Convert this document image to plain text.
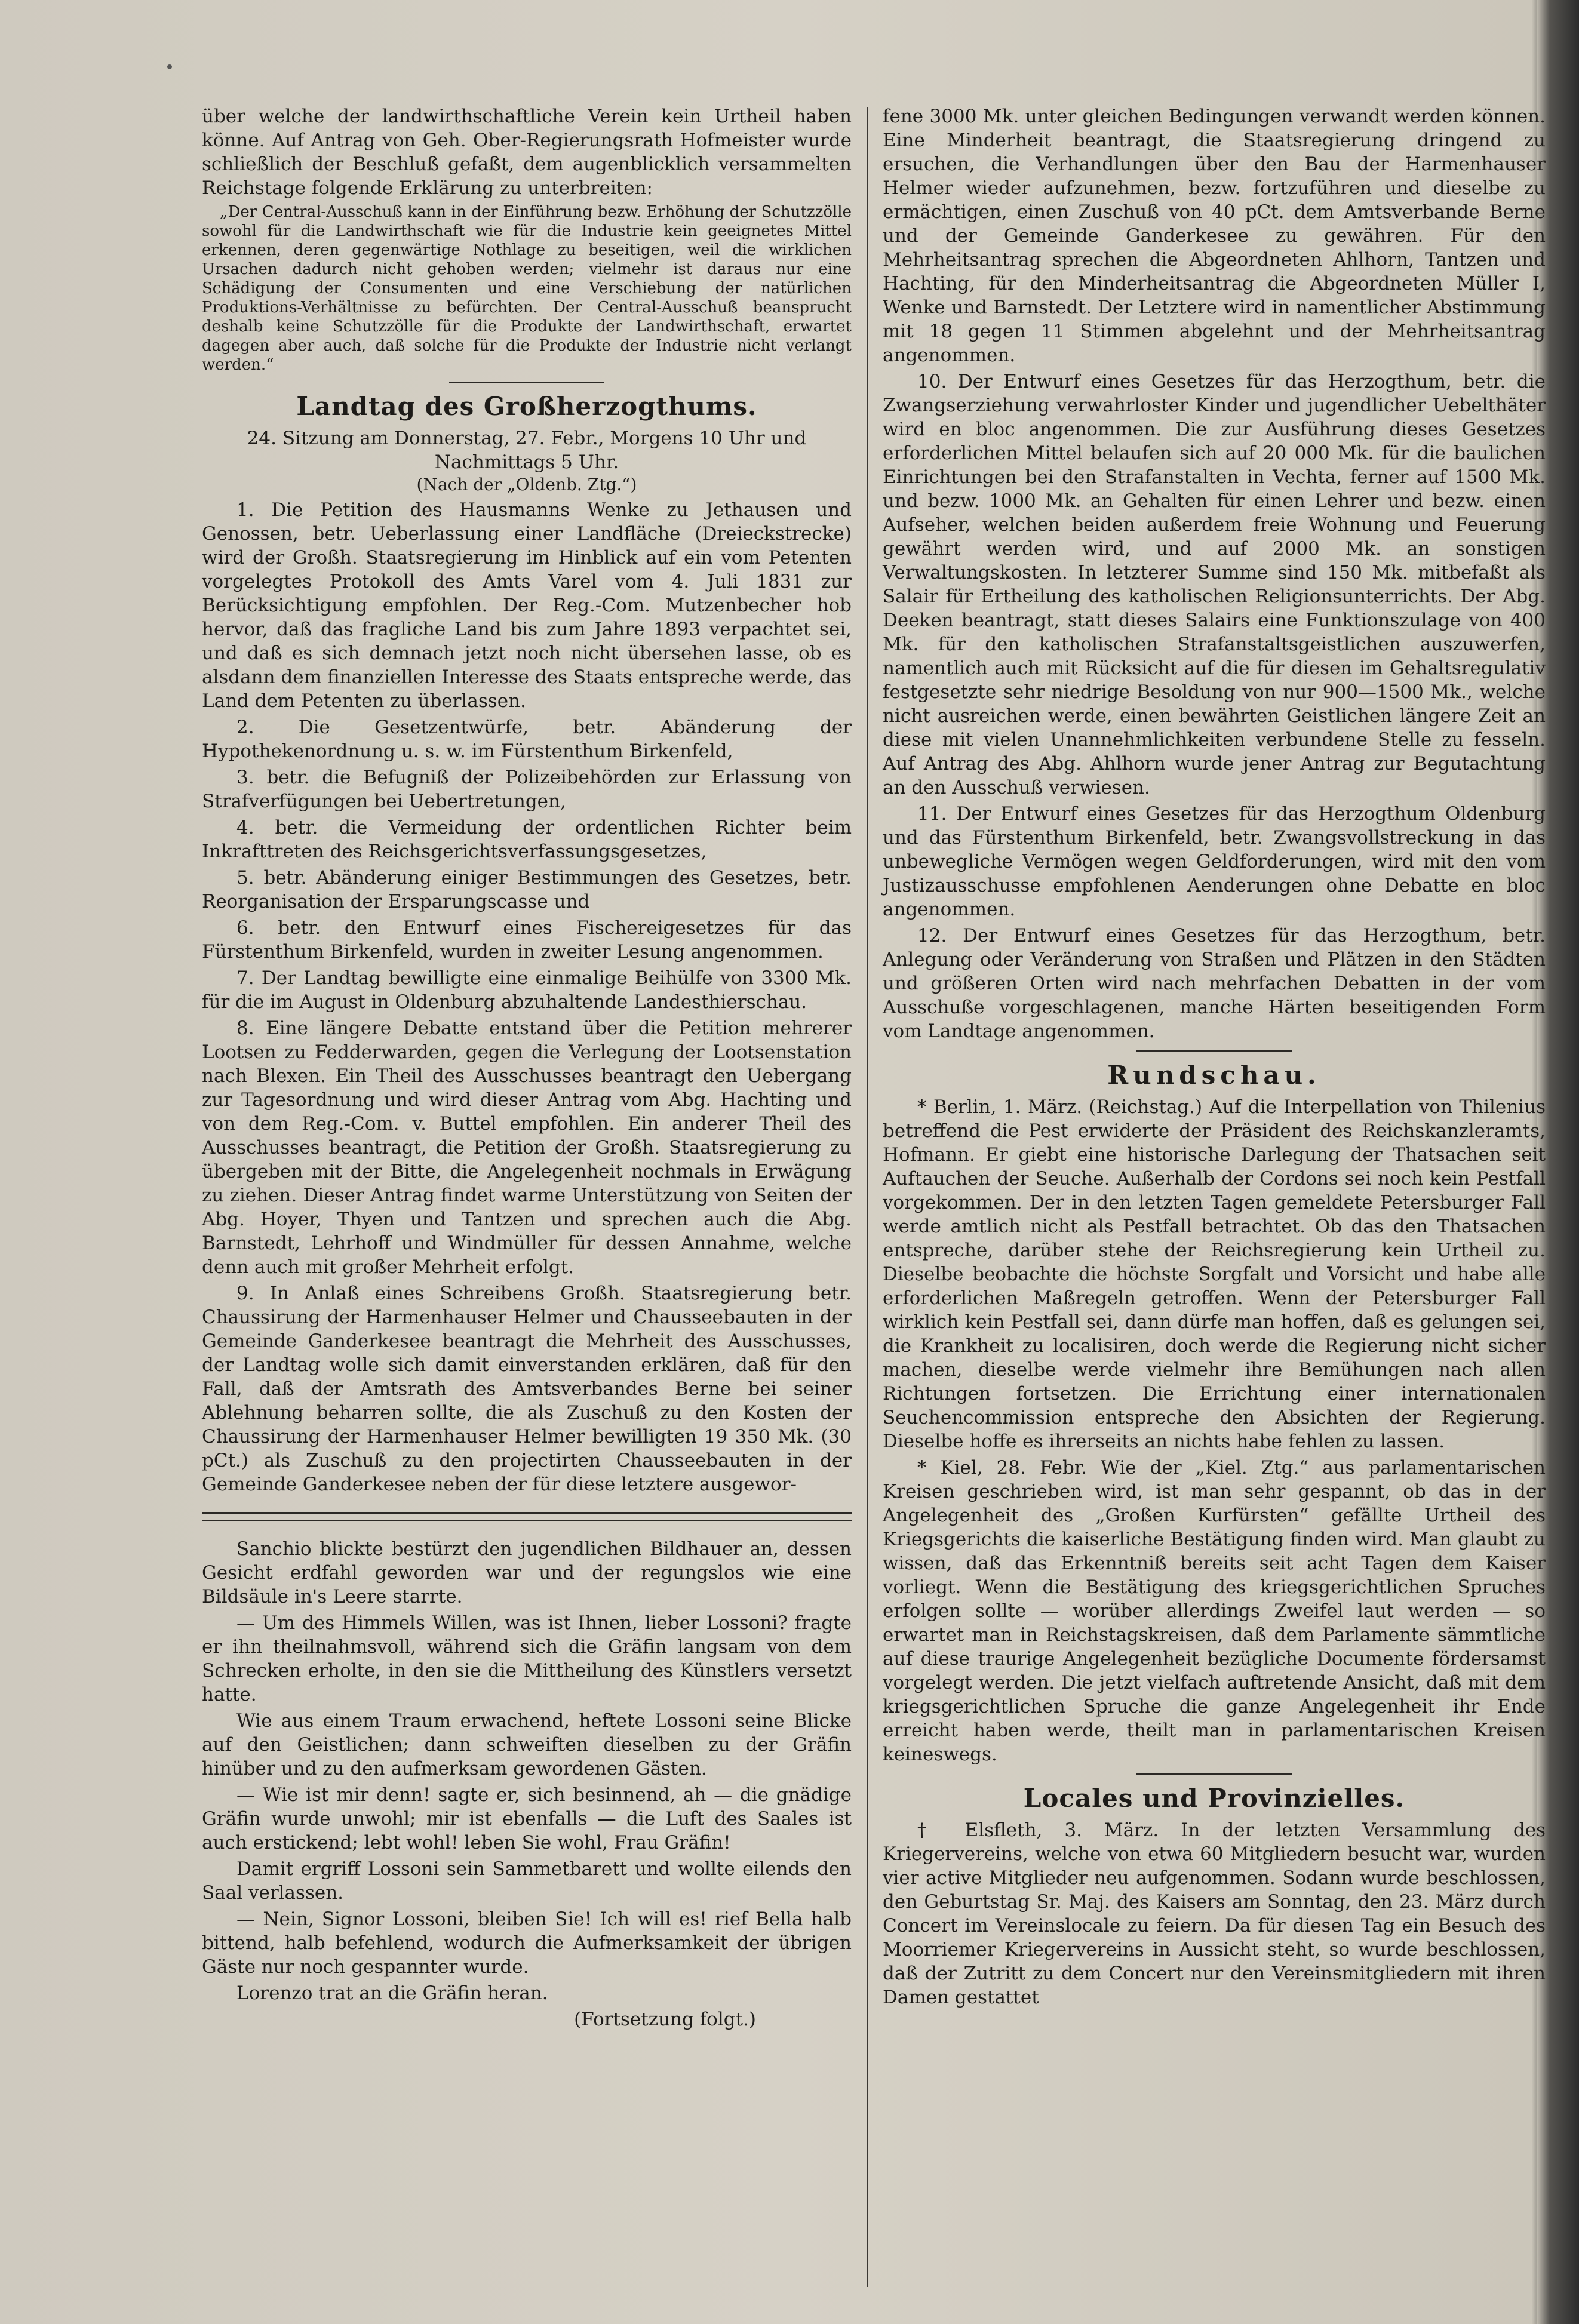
über welche der landwirthschaftliche Verein kein Urtheil haben könne. Auf Antrag von Geh. Ober-Regierungsrath Hofmeister wurde schließlich der Beschluß gefaßt, dem augenblicklich versammelten Reichstage folgende Erklärung zu unterbreiten:

„Der Central-Ausschuß kann in der Einführung bezw. Erhöhung der Schutzzölle sowohl für die Landwirthschaft wie für die Industrie kein geeignetes Mittel erkennen, deren gegenwärtige Nothlage zu beseitigen, weil die wirklichen Ursachen dadurch nicht gehoben werden; vielmehr ist daraus nur eine Schädigung der Consumenten und eine Verschiebung der natürlichen Produktions-Verhältnisse zu befürchten. Der Central-Ausschuß beansprucht deshalb keine Schutzzölle für die Produkte der Landwirthschaft, erwartet dagegen aber auch, daß solche für die Produkte der Industrie nicht verlangt werden.“

Landtag des Großherzogthums.

24. Sitzung am Donnerstag, 27. Febr., Morgens 10 Uhr und

Nachmittags 5 Uhr.

(Nach der „Oldenb. Ztg.“)

1. Die Petition des Hausmanns Wenke zu Jethausen und Genossen, betr. Ueberlassung einer Landfläche (Dreieckstrecke) wird der Großh. Staatsregierung im Hinblick auf ein vom Petenten vorgelegtes Protokoll des Amts Varel vom 4. Juli 1831 zur Berücksichtigung empfohlen. Der Reg.-Com. Mutzenbecher hob hervor, daß das fragliche Land bis zum Jahre 1893 verpachtet sei, und daß es sich demnach jetzt noch nicht übersehen lasse, ob es alsdann dem finanziellen Interesse des Staats entspreche werde, das Land dem Petenten zu überlassen.

2. Die Gesetzentwürfe, betr. Abänderung der Hypothekenordnung u. s. w. im Fürstenthum Birkenfeld,

3. betr. die Befugniß der Polizeibehörden zur Erlassung von Strafverfügungen bei Uebertretungen,

4. betr. die Vermeidung der ordentlichen Richter beim Inkrafttreten des Reichsgerichtsverfassungsgesetzes,

5. betr. Abänderung einiger Bestimmungen des Gesetzes, betr. Reorganisation der Ersparungscasse und

6. betr. den Entwurf eines Fischereigesetzes für das Fürstenthum Birkenfeld, wurden in zweiter Lesung angenommen.

7. Der Landtag bewilligte eine einmalige Beihülfe von 3300 Mk. für die im August in Oldenburg abzuhaltende Landesthierschau.

8. Eine längere Debatte entstand über die Petition mehrerer Lootsen zu Fedderwarden, gegen die Verlegung der Lootsenstation nach Blexen. Ein Theil des Ausschusses beantragt den Uebergang zur Tagesordnung und wird dieser Antrag vom Abg. Hachting und von dem Reg.-Com. v. Buttel empfohlen. Ein anderer Theil des Ausschusses beantragt, die Petition der Großh. Staatsregierung zu übergeben mit der Bitte, die Angelegenheit nochmals in Erwägung zu ziehen. Dieser Antrag findet warme Unterstützung von Seiten der Abg. Hoyer, Thyen und Tantzen und sprechen auch die Abg. Barnstedt, Lehrhoff und Windmüller für dessen Annahme, welche denn auch mit großer Mehrheit erfolgt.

9. In Anlaß eines Schreibens Großh. Staatsregierung betr. Chaussirung der Harmenhauser Helmer und Chausseebauten in der Gemeinde Ganderkesee beantragt die Mehrheit des Ausschusses, der Landtag wolle sich damit einverstanden erklären, daß für den Fall, daß der Amtsrath des Amtsverbandes Berne bei seiner Ablehnung beharren sollte, die als Zuschuß zu den Kosten der Chaussirung der Harmenhauser Helmer bewilligten 19 350 Mk. (30 pCt.) als Zuschuß zu den projectirten Chausseebauten in der Gemeinde Ganderkesee neben der für diese letztere ausgewor-

Sanchio blickte bestürzt den jugendlichen Bildhauer an, dessen Gesicht erdfahl geworden war und der regungslos wie eine Bildsäule in's Leere starrte.

— Um des Himmels Willen, was ist Ihnen, lieber Lossoni? fragte er ihn theilnahmsvoll, während sich die Gräfin langsam von dem Schrecken erholte, in den sie die Mittheilung des Künstlers versetzt hatte.

Wie aus einem Traum erwachend, heftete Lossoni seine Blicke auf den Geistlichen; dann schweiften dieselben zu der Gräfin hinüber und zu den aufmerksam gewordenen Gästen.

— Wie ist mir denn! sagte er, sich besinnend, ah — die gnädige Gräfin wurde unwohl; mir ist ebenfalls — die Luft des Saales ist auch erstickend; lebt wohl! leben Sie wohl, Frau Gräfin!

Damit ergriff Lossoni sein Sammetbarett und wollte eilends den Saal verlassen.

— Nein, Signor Lossoni, bleiben Sie! Ich will es! rief Bella halb bittend, halb befehlend, wodurch die Aufmerksamkeit der übrigen Gäste nur noch gespannter wurde.

Lorenzo trat an die Gräfin heran.

(Fortsetzung folgt.)

fene 3000 Mk. unter gleichen Bedingungen verwandt werden können. Eine Minderheit beantragt, die Staatsregierung dringend zu ersuchen, die Verhandlungen über den Bau der Harmenhauser Helmer wieder aufzunehmen, bezw. fortzuführen und dieselbe zu ermächtigen, einen Zuschuß von 40 pCt. dem Amtsverbande Berne und der Gemeinde Ganderkesee zu gewähren. Für den Mehrheitsantrag sprechen die Abgeordneten Ahlhorn, Tantzen und Hachting, für den Minderheitsantrag die Abgeordneten Müller I, Wenke und Barnstedt. Der Letztere wird in namentlicher Abstimmung mit 18 gegen 11 Stimmen abgelehnt und der Mehrheitsantrag angenommen.

10. Der Entwurf eines Gesetzes für das Herzogthum, betr. die Zwangserziehung verwahrloster Kinder und jugendlicher Uebelthäter wird en bloc angenommen. Die zur Ausführung dieses Gesetzes erforderlichen Mittel belaufen sich auf 20 000 Mk. für die baulichen Einrichtungen bei den Strafanstalten in Vechta, ferner auf 1500 Mk. und bezw. 1000 Mk. an Gehalten für einen Lehrer und bezw. einen Aufseher, welchen beiden außerdem freie Wohnung und Feuerung gewährt werden wird, und auf 2000 Mk. an sonstigen Verwaltungskosten. In letzterer Summe sind 150 Mk. mitbefaßt als Salair für Ertheilung des katholischen Religionsunterrichts. Der Abg. Deeken beantragt, statt dieses Salairs eine Funktionszulage von 400 Mk. für den katholischen Strafanstaltsgeistlichen auszuwerfen, namentlich auch mit Rücksicht auf die für diesen im Gehaltsregulativ festgesetzte sehr niedrige Besoldung von nur 900—1500 Mk., welche nicht ausreichen werde, einen bewährten Geistlichen längere Zeit an diese mit vielen Unannehmlichkeiten verbundene Stelle zu fesseln. Auf Antrag des Abg. Ahlhorn wurde jener Antrag zur Begutachtung an den Ausschuß verwiesen.

11. Der Entwurf eines Gesetzes für das Herzogthum Oldenburg und das Fürstenthum Birkenfeld, betr. Zwangsvollstreckung in das unbewegliche Vermögen wegen Geldforderungen, wird mit den vom Justizausschusse empfohlenen Aenderungen ohne Debatte en bloc angenommen.

12. Der Entwurf eines Gesetzes für das Herzogthum, betr. Anlegung oder Veränderung von Straßen und Plätzen in den Städten und größeren Orten wird nach mehrfachen Debatten in der vom Ausschuße vorgeschlagenen, manche Härten beseitigenden Form vom Landtage angenommen.

Rundschau.

* Berlin, 1. März. (Reichstag.) Auf die Interpellation von Thilenius betreffend die Pest erwiderte der Präsident des Reichskanzleramts, Hofmann. Er giebt eine historische Darlegung der Thatsachen seit Auftauchen der Seuche. Außerhalb der Cordons sei noch kein Pestfall vorgekommen. Der in den letzten Tagen gemeldete Petersburger Fall werde amtlich nicht als Pestfall betrachtet. Ob das den Thatsachen entspreche, darüber stehe der Reichsregierung kein Urtheil zu. Dieselbe beobachte die höchste Sorgfalt und Vorsicht und habe alle erforderlichen Maßregeln getroffen. Wenn der Petersburger Fall wirklich kein Pestfall sei, dann dürfe man hoffen, daß es gelungen sei, die Krankheit zu localisiren, doch werde die Regierung nicht sicher machen, dieselbe werde vielmehr ihre Bemühungen nach allen Richtungen fortsetzen. Die Errichtung einer internationalen Seuchencommission entspreche den Absichten der Regierung. Dieselbe hoffe es ihrerseits an nichts habe fehlen zu lassen.

* Kiel, 28. Febr. Wie der „Kiel. Ztg.“ aus parlamentarischen Kreisen geschrieben wird, ist man sehr gespannt, ob das in der Angelegenheit des „Großen Kurfürsten“ gefällte Urtheil des Kriegsgerichts die kaiserliche Bestätigung finden wird. Man glaubt zu wissen, daß das Erkenntniß bereits seit acht Tagen dem Kaiser vorliegt. Wenn die Bestätigung des kriegsgerichtlichen Spruches erfolgen sollte — worüber allerdings Zweifel laut werden — so erwartet man in Reichstagskreisen, daß dem Parlamente sämmtliche auf diese traurige Angelegenheit bezügliche Documente fördersamst vorgelegt werden. Die jetzt vielfach auftretende Ansicht, daß mit dem kriegsgerichtlichen Spruche die ganze Angelegenheit ihr Ende erreicht haben werde, theilt man in parlamentarischen Kreisen keineswegs.

Locales und Provinzielles.

† Elsfleth, 3. März. In der letzten Versammlung des Kriegervereins, welche von etwa 60 Mitgliedern besucht war, wurden vier active Mitglieder neu aufgenommen. Sodann wurde beschlossen, den Geburtstag Sr. Maj. des Kaisers am Sonntag, den 23. März durch Concert im Vereinslocale zu feiern. Da für diesen Tag ein Besuch des Moorriemer Kriegervereins in Aussicht steht, so wurde beschlossen, daß der Zutritt zu dem Concert nur den Vereinsmitgliedern mit ihren Damen gestattet
